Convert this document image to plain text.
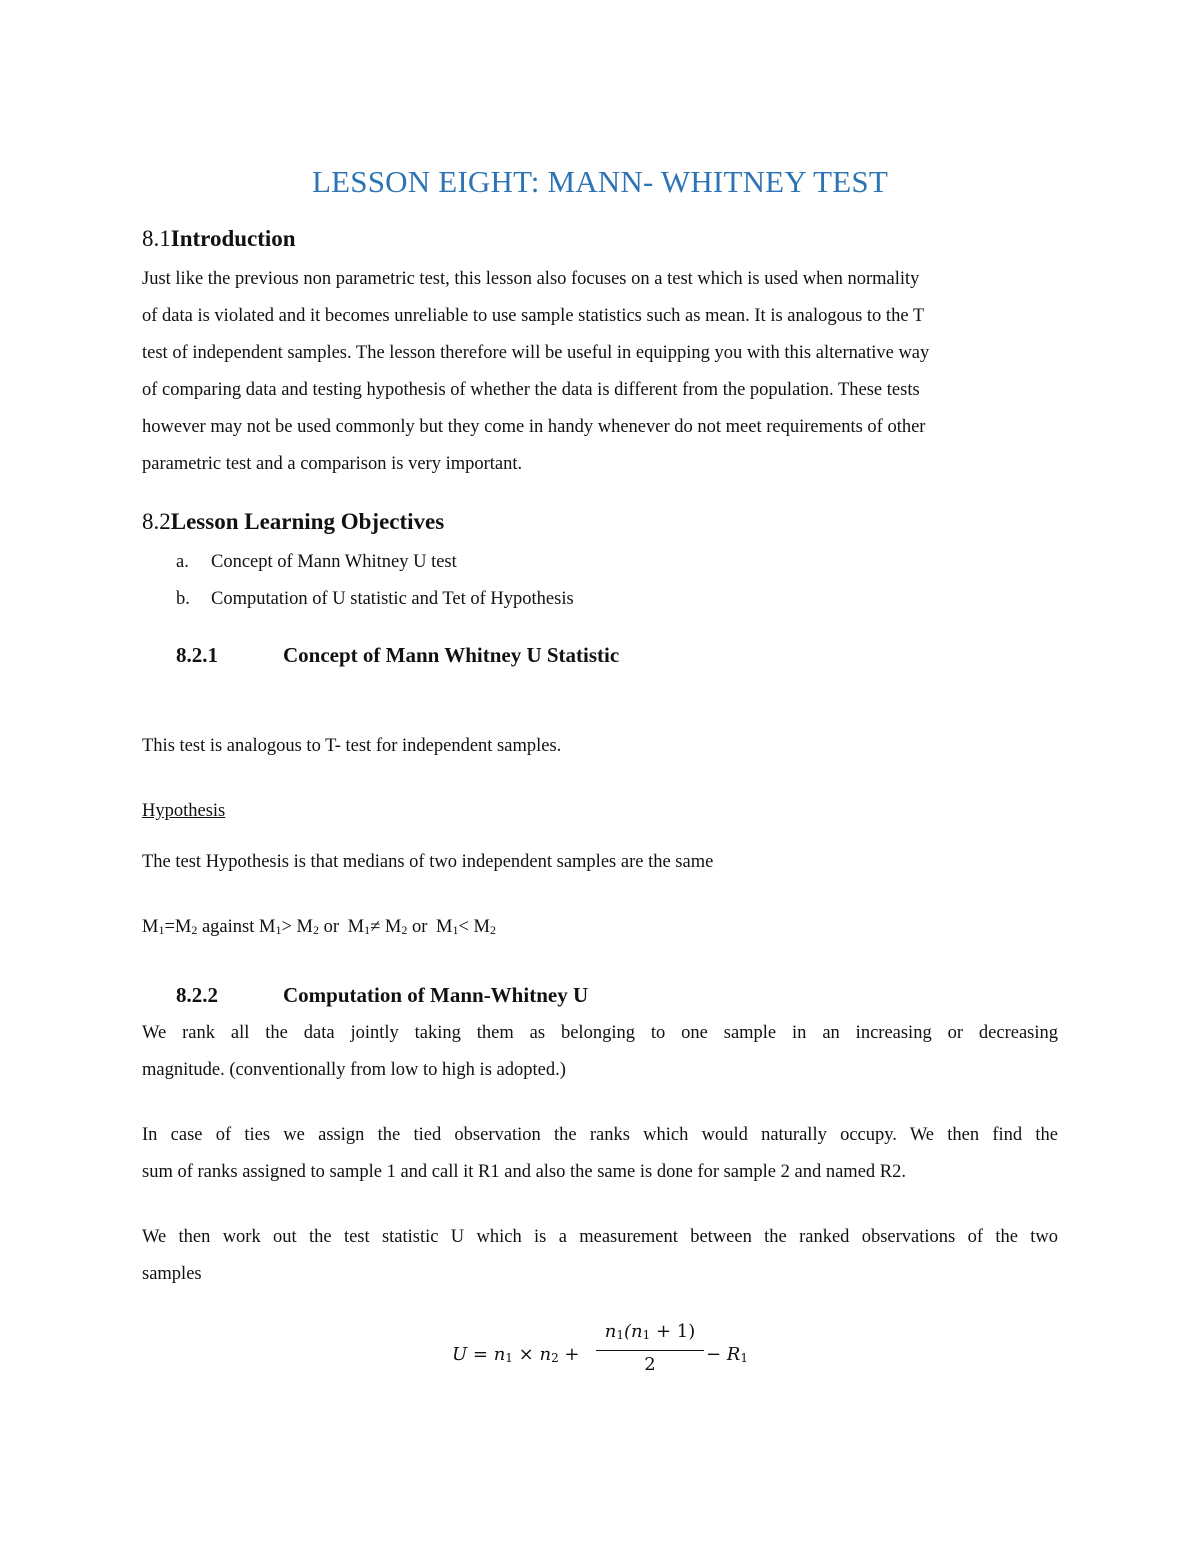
LESSON EIGHT: MANN- WHITNEY TEST
8.1Introduction
Just like the previous non parametric test, this lesson also focuses on a test which is used when normality
of data is violated and it becomes unreliable to use sample statistics such as mean. It is analogous to the T
test of independent samples. The lesson therefore will be useful in equipping you with this alternative way
of comparing data and testing hypothesis of whether the data is different from the population. These tests
however may not be used commonly but they come in handy whenever do not meet requirements of other
parametric test and a comparison is very important.
8.2Lesson Learning Objectives
a. Concept of Mann Whitney U test
b. Computation of U statistic and Tet of Hypothesis
8.2.1	Concept of Mann Whitney U Statistic
This test is analogous to T- test for independent samples.
Hypothesis
The test Hypothesis is that medians of two independent samples are the same
$M_1=M_2$ against $M_1> M_2$ or $M_1\ne M_2$ or $M_1< M_2$
8.2.2	Computation of Mann-Whitney U
We rank all the data jointly taking them as belonging to one sample in an increasing or decreasing
magnitude. (conventionally from low to high is adopted.)
In case of ties we assign the tied observation the ranks which would naturally occupy. We then find the
sum of ranks assigned to sample 1 and call it R1 and also the same is done for sample 2 and named R2.
We then work out the test statistic U which is a measurement between the ranked observations of the two
samples
$U = n_1 \times n_2$ +
$n_1(n_1 + 1)$
2	− $R_1$
